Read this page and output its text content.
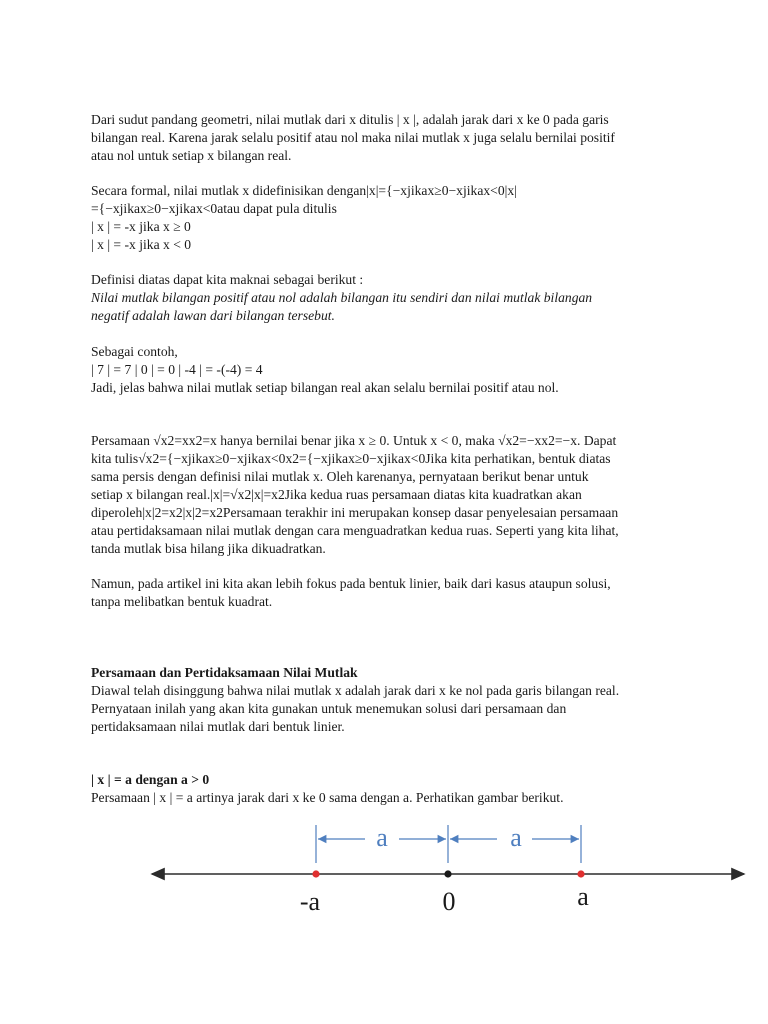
Dari sudut pandang geometri, nilai mutlak dari x ditulis | x |, adalah jarak dari x ke 0 pada garis
bilangan real. Karena jarak selalu positif atau nol maka nilai mutlak x juga selalu bernilai positif
atau nol untuk setiap x bilangan real.
Secara formal, nilai mutlak x didefinisikan dengan|x|={−xjikax≥0−xjikax<0|x|
={−xjikax≥0−xjikax<0atau dapat pula ditulis
| x | = -x jika x ≥ 0
| x | = -x jika x < 0
Definisi diatas dapat kita maknai sebagai berikut :
Nilai mutlak bilangan positif atau nol adalah bilangan itu sendiri dan nilai mutlak bilangan
negatif adalah lawan dari bilangan tersebut.
Sebagai contoh,
| 7 | = 7 | 0 | = 0 | -4 | = -(-4) = 4
Jadi, jelas bahwa nilai mutlak setiap bilangan real akan selalu bernilai positif atau nol.
Persamaan √x2=xx2=x hanya bernilai benar jika x ≥ 0. Untuk x < 0, maka √x2=−xx2=−x. Dapat
kita tulis√x2={−xjikax≥0−xjikax<0x2={−xjikax≥0−xjikax<0Jika kita perhatikan, bentuk diatas
sama persis dengan definisi nilai mutlak x. Oleh karenanya, pernyataan berikut benar untuk
setiap x bilangan real.|x|=√x2|x|=x2Jika kedua ruas persamaan diatas kita kuadratkan akan
diperoleh|x|2=x2|x|2=x2Persamaan terakhir ini merupakan konsep dasar penyelesaian persamaan
atau pertidaksamaan nilai mutlak dengan cara menguadratkan kedua ruas. Seperti yang kita lihat,
tanda mutlak bisa hilang jika dikuadratkan.
Namun, pada artikel ini kita akan lebih fokus pada bentuk linier, baik dari kasus ataupun solusi,
tanpa melibatkan bentuk kuadrat.
Persamaan dan Pertidaksamaan Nilai Mutlak
Diawal telah disinggung bahwa nilai mutlak x adalah jarak dari x ke nol pada garis bilangan real.
Pernyataan inilah yang akan kita gunakan untuk menemukan solusi dari persamaan dan
pertidaksamaan nilai mutlak dari bentuk linier.
| x | = a dengan a > 0
Persamaan | x | = a artinya jarak dari x ke 0 sama dengan a. Perhatikan gambar berikut.
a	a
-a	0	a
